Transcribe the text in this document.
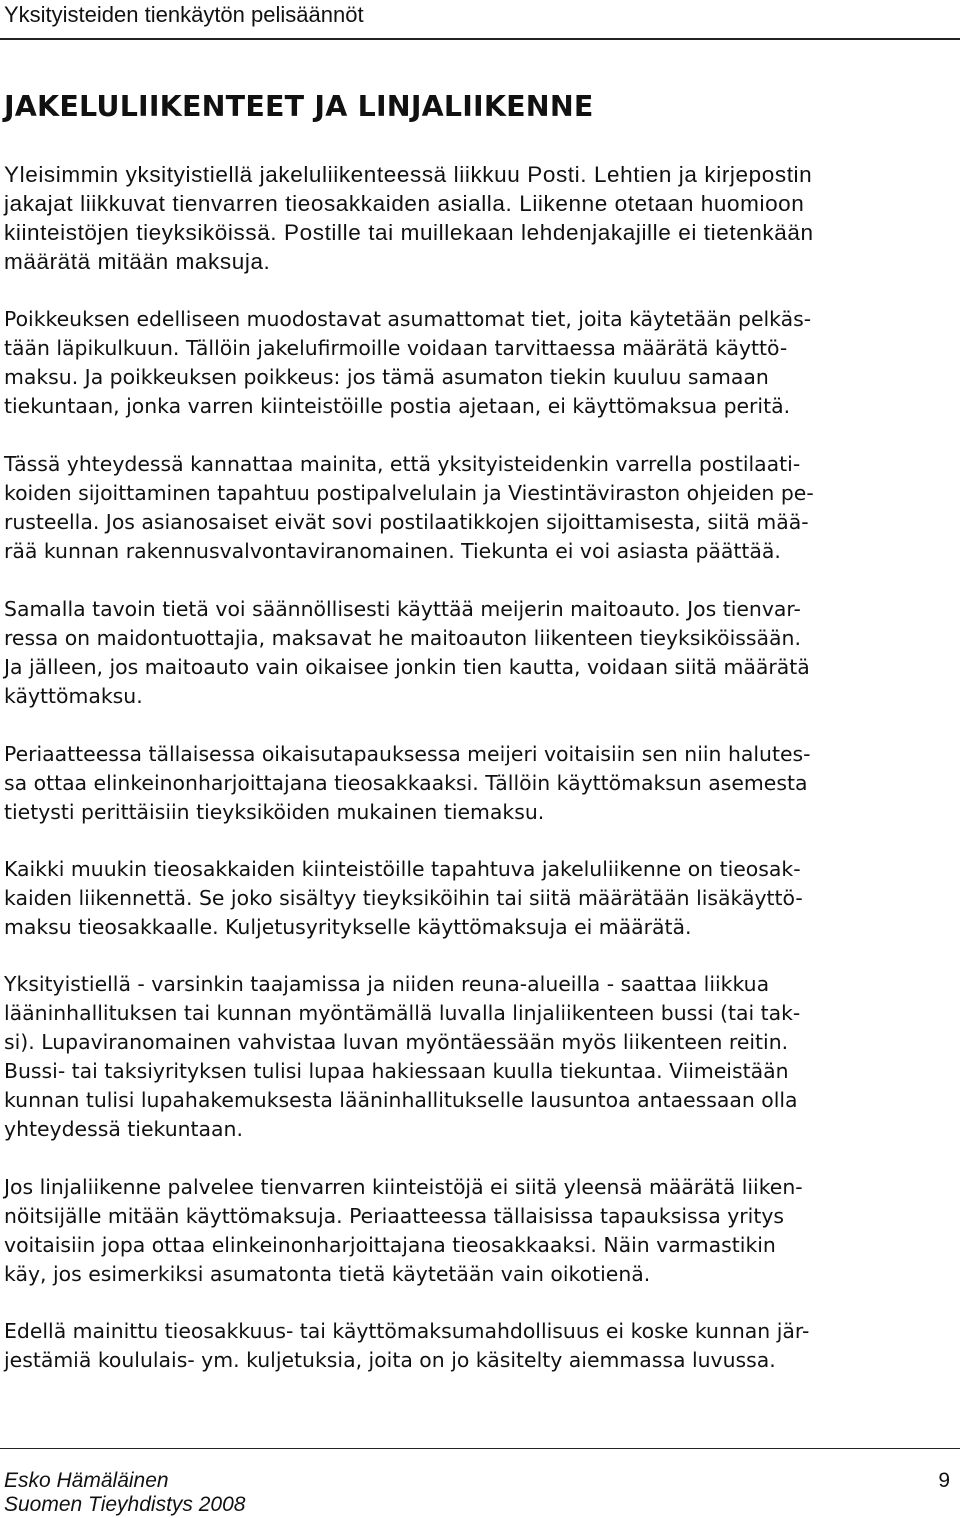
Yksityisteiden tienkäytön pelisäännöt
JAKELULIIKENTEET JA LINJALIIKENNE

Yleisimmin yksityistiellä jakeluliikenteessä liikkuu Posti. Lehtien ja kirjepostin
jakajat liikkuvat tienvarren tieosakkaiden asialla. Liikenne otetaan huomioon
kiinteistöjen tieyksiköissä. Postille tai muillekaan lehdenjakajille ei tietenkään
määrätä mitään maksuja.

Poikkeuksen edelliseen muodostavat asumattomat tiet, joita käytetään pelkäs-
tään läpikulkuun. Tällöin jakelufirmoille voidaan tarvittaessa määrätä käyttö-
maksu. Ja poikkeuksen poikkeus: jos tämä asumaton tiekin kuuluu samaan
tiekuntaan, jonka varren kiinteistöille postia ajetaan, ei käyttömaksua peritä.

Tässä yhteydessä kannattaa mainita, että yksityisteidenkin varrella postilaati-
koiden sijoittaminen tapahtuu postipalvelulain ja Viestintäviraston ohjeiden pe-
rusteella. Jos asianosaiset eivät sovi postilaatikkojen sijoittamisesta, siitä mää-
rää kunnan rakennusvalvontaviranomainen. Tiekunta ei voi asiasta päättää.

Samalla tavoin tietä voi säännöllisesti käyttää meijerin maitoauto. Jos tienvar-
ressa on maidontuottajia, maksavat he maitoauton liikenteen tieyksiköissään.
Ja jälleen, jos maitoauto vain oikaisee jonkin tien kautta, voidaan siitä määrätä
käyttömaksu.

Periaatteessa tällaisessa oikaisutapauksessa meijeri voitaisiin sen niin halutes-
sa ottaa elinkeinonharjoittajana tieosakkaaksi. Tällöin käyttömaksun asemesta
tietysti perittäisiin tieyksiköiden mukainen tiemaksu.

Kaikki muukin tieosakkaiden kiinteistöille tapahtuva jakeluliikenne on tieosak-
kaiden liikennettä. Se joko sisältyy tieyksiköihin tai siitä määrätään lisäkäyttö-
maksu tieosakkaalle. Kuljetusyritykselle käyttömaksuja ei määrätä.

Yksityistiellä - varsinkin taajamissa ja niiden reuna-alueilla - saattaa liikkua
lääninhallituksen tai kunnan myöntämällä luvalla linjaliikenteen bussi (tai tak-
si). Lupaviranomainen vahvistaa luvan myöntäessään myös liikenteen reitin.
Bussi- tai taksiyrityksen tulisi lupaa hakiessaan kuulla tiekuntaa. Viimeistään
kunnan tulisi lupahakemuksesta lääninhallitukselle lausuntoa antaessaan olla
yhteydessä tiekuntaan.

Jos linjaliikenne palvelee tienvarren kiinteistöjä ei siitä yleensä määrätä liiken-
nöitsijälle mitään käyttömaksuja. Periaatteessa tällaisissa tapauksissa yritys
voitaisiin jopa ottaa elinkeinonharjoittajana tieosakkaaksi. Näin varmastikin
käy, jos esimerkiksi asumatonta tietä käytetään vain oikotienä.

Edellä mainittu tieosakkuus- tai käyttömaksumahdollisuus ei koske kunnan jär-
jestämiä koululais- ym. kuljetuksia, joita on jo käsitelty aiemmassa luvussa.

Esko Hämäläinen
Suomen Tieyhdistys 2008
9
